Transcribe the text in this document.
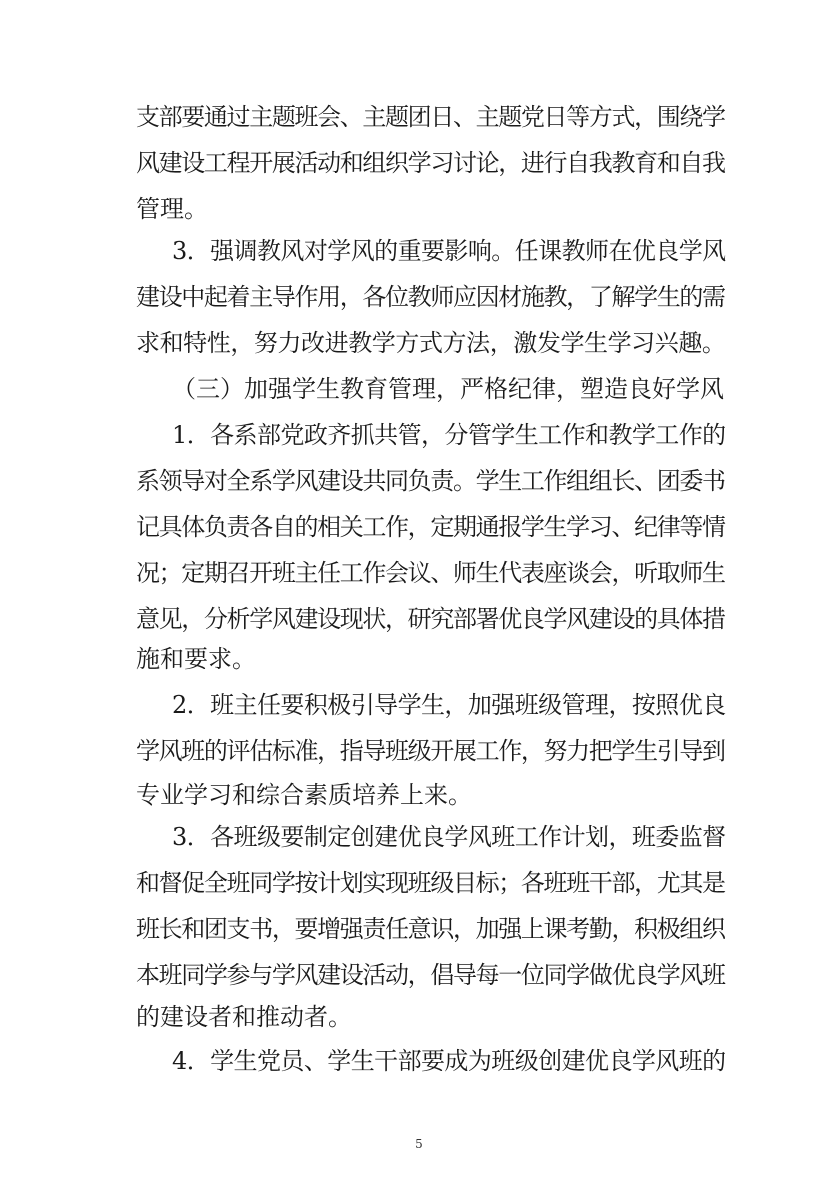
支部要通过主题班会、主题团日、主题党日等方式，围绕学
风建设工程开展活动和组织学习讨论，进行自我教育和自我
管理。
3．强调教风对学风的重要影响。任课教师在优良学风
建设中起着主导作用，各位教师应因材施教，了解学生的需
求和特性，努力改进教学方式方法，激发学生学习兴趣。
（三）加强学生教育管理，严格纪律，塑造良好学风
1．各系部党政齐抓共管，分管学生工作和教学工作的
系领导对全系学风建设共同负责。学生工作组组长、团委书
记具体负责各自的相关工作，定期通报学生学习、纪律等情
况；定期召开班主任工作会议、师生代表座谈会，听取师生
意见，分析学风建设现状，研究部署优良学风建设的具体措
施和要求。
2．班主任要积极引导学生，加强班级管理，按照优良
学风班的评估标准，指导班级开展工作，努力把学生引导到
专业学习和综合素质培养上来。
3．各班级要制定创建优良学风班工作计划，班委监督
和督促全班同学按计划实现班级目标；各班班干部，尤其是
班长和团支书，要增强责任意识，加强上课考勤，积极组织
本班同学参与学风建设活动，倡导每一位同学做优良学风班
的建设者和推动者。
4．学生党员、学生干部要成为班级创建优良学风班的
5
